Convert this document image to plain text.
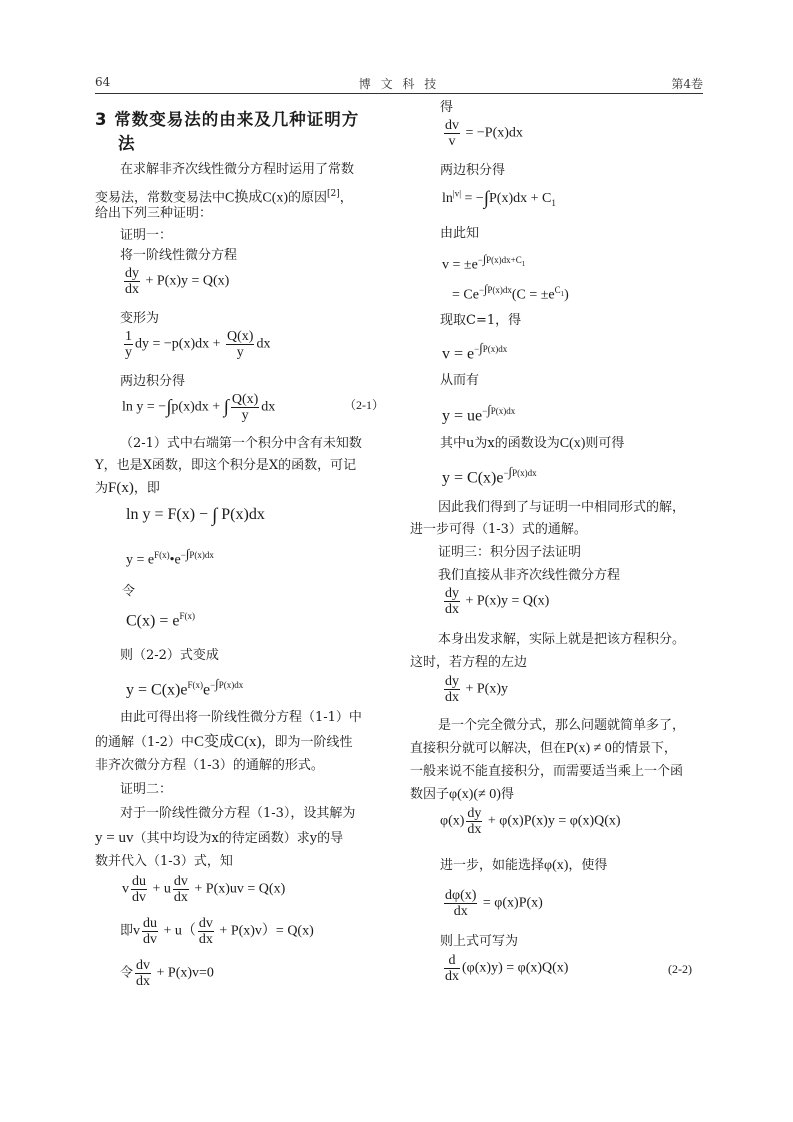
64	博 文 科 技	第4卷
3 常数变易法的由来及几种证明方
法
在求解非齐次线性微分方程时运用了常数
变易法，常数变易法中C换成C(x)的原因[2]，
给出下列三种证明：
证明一：
将一阶线性微分方程
$\frac{dy}{dx} + P(x)y = Q(x)$
变形为
$\frac{1}{y}$ dy = $-p(x)dx + \frac{Q(x)}{y}$ dx
两边积分得
ln y = −∫p(x)dx + ∫ $\frac{Q(x)}{y}$ dx	（2-1）
（2-1）式中右端第一个积分中含有未知数
Y，也是X函数，即这个积分是X的函数，可记
为F(x)，即
ln y = F(x) − ∫ P(x)dx
$y = e^{F(x)}•e^{-\int P(x)dx}$
令
$C(x) = e^{F(x)}$
则（2-2）式变成
$y = C(x)e^{F(x)}e^{-\int P(x)dx}$
由此可得出将一阶线性微分方程（1-1）中
的通解（1-2）中C变成C(x)，即为一阶线性
非齐次微分方程（1-3）的通解的形式。
证明二：
对于一阶线性微分方程（1-3），设其解为
y = uv（其中均设为x的待定函数）求y的导
数并代入（1-3）式，知
v $\frac{du}{dv} + u \frac{dv}{dx} + P(x)uv = Q(x)$
即v $\frac{du}{dv} + u( \frac{dv}{dx} + P(x)v)= Q(x)$
令 $\frac{dv}{dx} + P(x)v=0$
得
$\frac{dv}{v} = -P(x)dx$
两边积分得
$\ln^{|v|} = -\int P(x)dx + C_1$
由此知
$v = \pm e^{-\int P(x)dx+C_1}$
= $Ce^{-\int P(x)dx}(C = \pm e^{C_1})$
现取C=1，得
$v = e^{-\int P(x)dx}$
从而有
$y = ue^{-\int P(x)dx}$
其中u为x的函数设为C(x)则可得
$y = C(x)e^{-\int P(x)dx}$
因此我们得到了与证明一中相同形式的解，
进一步可得（1-3）式的通解。
证明三：积分因子法证明
我们直接从非齐次线性微分方程
$\frac{dy}{dx} + P(x)y = Q(x)$
本身出发求解，实际上就是把该方程积分。
这时，若方程的左边
$\frac{dy}{dx} + P(x)y$
是一个完全微分式，那么问题就简单多了，
直接积分就可以解决，但在P(x) ≠ 0的情景下，
一般来说不能直接积分，而需要适当乘上一个函
数因子φ(x)(≠ 0)得
$\varphi(x) \frac{dy}{dx} + \varphi(x)P(x)y = \varphi(x)Q(x)$
进一步，如能选择φ(x)，使得
$\frac{d\varphi(x)}{dx} = \varphi(x)P(x)$
则上式可写为
$\frac{d}{dx} (\varphi(x)y) = \varphi(x)Q(x)$	(2-2)
